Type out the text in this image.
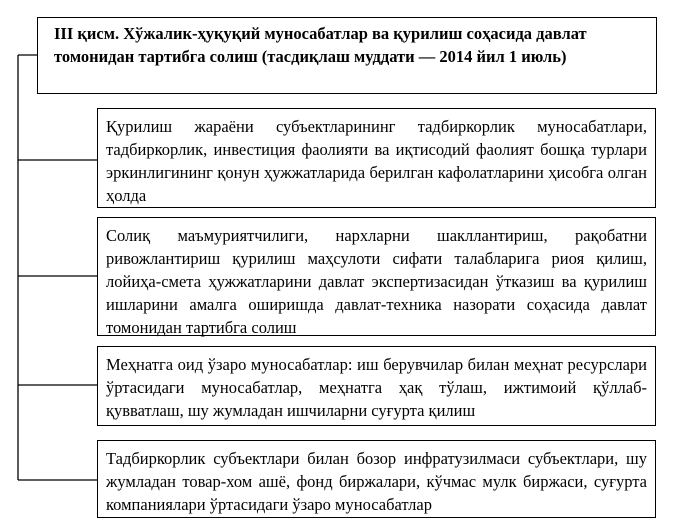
III қисм. Хўжалик-ҳуқуқий муносабатлар ва қурилиш соҳасида давлат томонидан тартибга солиш (тасдиқлаш муддати — 2014 йил 1 июль)
Қурилиш жараёни субъектларининг тадбиркорлик муносабатлари, тадбиркорлик, инвестиция фаолияти ва иқтисодий фаолият бошқа турлари эркинлигининг қонун ҳужжатларида берилган кафолатларини ҳисобга олган ҳолда
Солиқ маъмуриятчилиги, нархларни шакллантириш, рақобатни ривожлантириш қурилиш маҳсулоти сифати талабларига риоя қилиш, лойиҳа-смета ҳужжатларини давлат экспертизасидан ўтказиш ва қурилиш ишларини амалга оширишда давлат-техника назорати соҳасида давлат томонидан тартибга солиш
Меҳнатга оид ўзаро муносабатлар: иш берувчилар билан меҳнат ресурслари ўртасидаги муносабатлар, меҳнатга ҳақ тўлаш, ижтимоий қўллаб-қувватлаш, шу жумладан ишчиларни суғурта қилиш
Тадбиркорлик субъектлари билан бозор инфратузилмаси субъектлари, шу жумладан товар-хом ашё, фонд биржалари, кўчмас мулк биржаси, суғурта компаниялари ўртасидаги ўзаро муносабатлар
